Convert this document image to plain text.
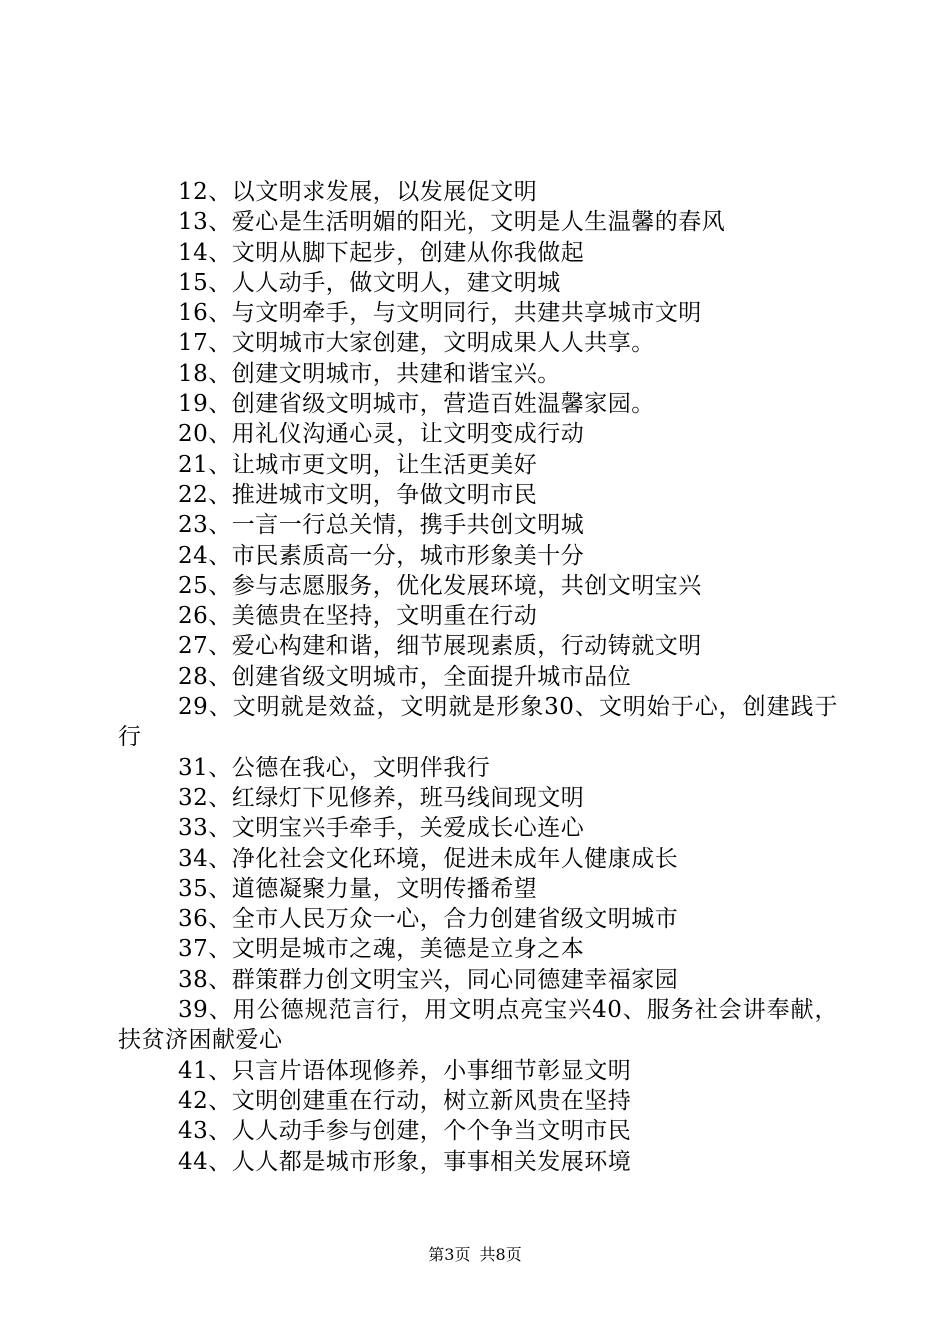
12、以文明求发展，以发展促文明
13、爱心是生活明媚的阳光，文明是人生温馨的春风
14、文明从脚下起步，创建从你我做起
15、人人动手，做文明人，建文明城
16、与文明牵手，与文明同行，共建共享城市文明
17、文明城市大家创建，文明成果人人共享。
18、创建文明城市，共建和谐宝兴。
19、创建省级文明城市，营造百姓温馨家园。
20、用礼仪沟通心灵，让文明变成行动
21、让城市更文明，让生活更美好
22、推进城市文明，争做文明市民
23、一言一行总关情，携手共创文明城
24、市民素质高一分，城市形象美十分
25、参与志愿服务，优化发展环境，共创文明宝兴
26、美德贵在坚持，文明重在行动
27、爱心构建和谐，细节展现素质，行动铸就文明
28、创建省级文明城市，全面提升城市品位
29、文明就是效益，文明就是形象30、文明始于心，创建践于行
31、公德在我心，文明伴我行
32、红绿灯下见修养，班马线间现文明
33、文明宝兴手牵手，关爱成长心连心
34、净化社会文化环境，促进未成年人健康成长
35、道德凝聚力量，文明传播希望
36、全市人民万众一心，合力创建省级文明城市
37、文明是城市之魂，美德是立身之本
38、群策群力创文明宝兴，同心同德建幸福家园
39、用公德规范言行，用文明点亮宝兴40、服务社会讲奉献，扶贫济困献爱心
41、只言片语体现修养，小事细节彰显文明
42、文明创建重在行动，树立新风贵在坚持
43、人人动手参与创建，个个争当文明市民
44、人人都是城市形象，事事相关发展环境
第3页 共8页
